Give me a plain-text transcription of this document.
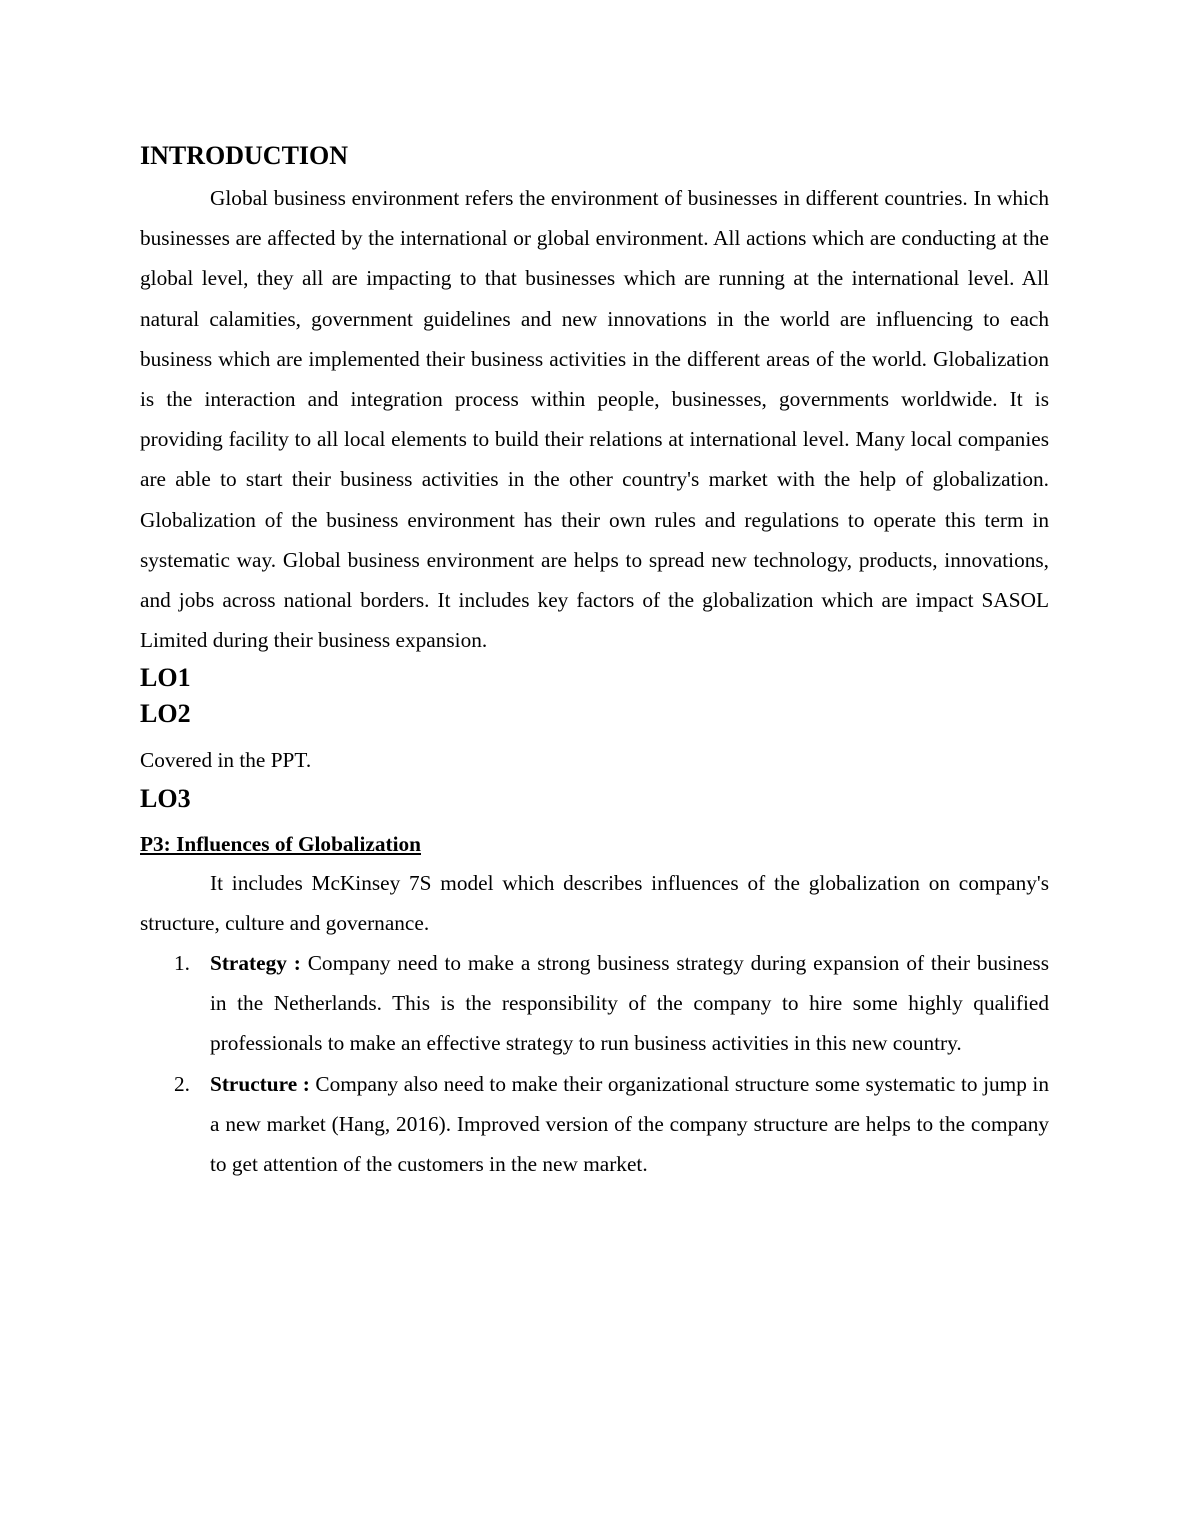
INTRODUCTION

Global business environment refers the environment of businesses in different countries. In which businesses are affected by the international or global environment. All actions which are conducting at the global level, they all are impacting to that businesses which are running at the international level. All natural calamities, government guidelines and new innovations in the world are influencing to each business which are implemented their business activities in the different areas of the world. Globalization is the interaction and integration process within people, businesses, governments worldwide. It is providing facility to all local elements to build their relations at international level. Many local companies are able to start their business activities in the other country's market with the help of globalization. Globalization of the business environment has their own rules and regulations to operate this term in systematic way. Global business environment are helps to spread new technology, products, innovations, and jobs across national borders. It includes key factors of the globalization which are impact SASOL Limited during their business expansion.

LO1
LO2

Covered in the PPT.

LO3

P3: Influences of Globalization

It includes McKinsey 7S model which describes influences of the globalization on company's structure, culture and governance.

1. Strategy : Company need to make a strong business strategy during expansion of their business in the Netherlands. This is the responsibility of the company to hire some highly qualified professionals to make an effective strategy to run business activities in this new country.
2. Structure : Company also need to make their organizational structure some systematic to jump in a new market (Hang, 2016). Improved version of the company structure are helps to the company to get attention of the customers in the new market.
